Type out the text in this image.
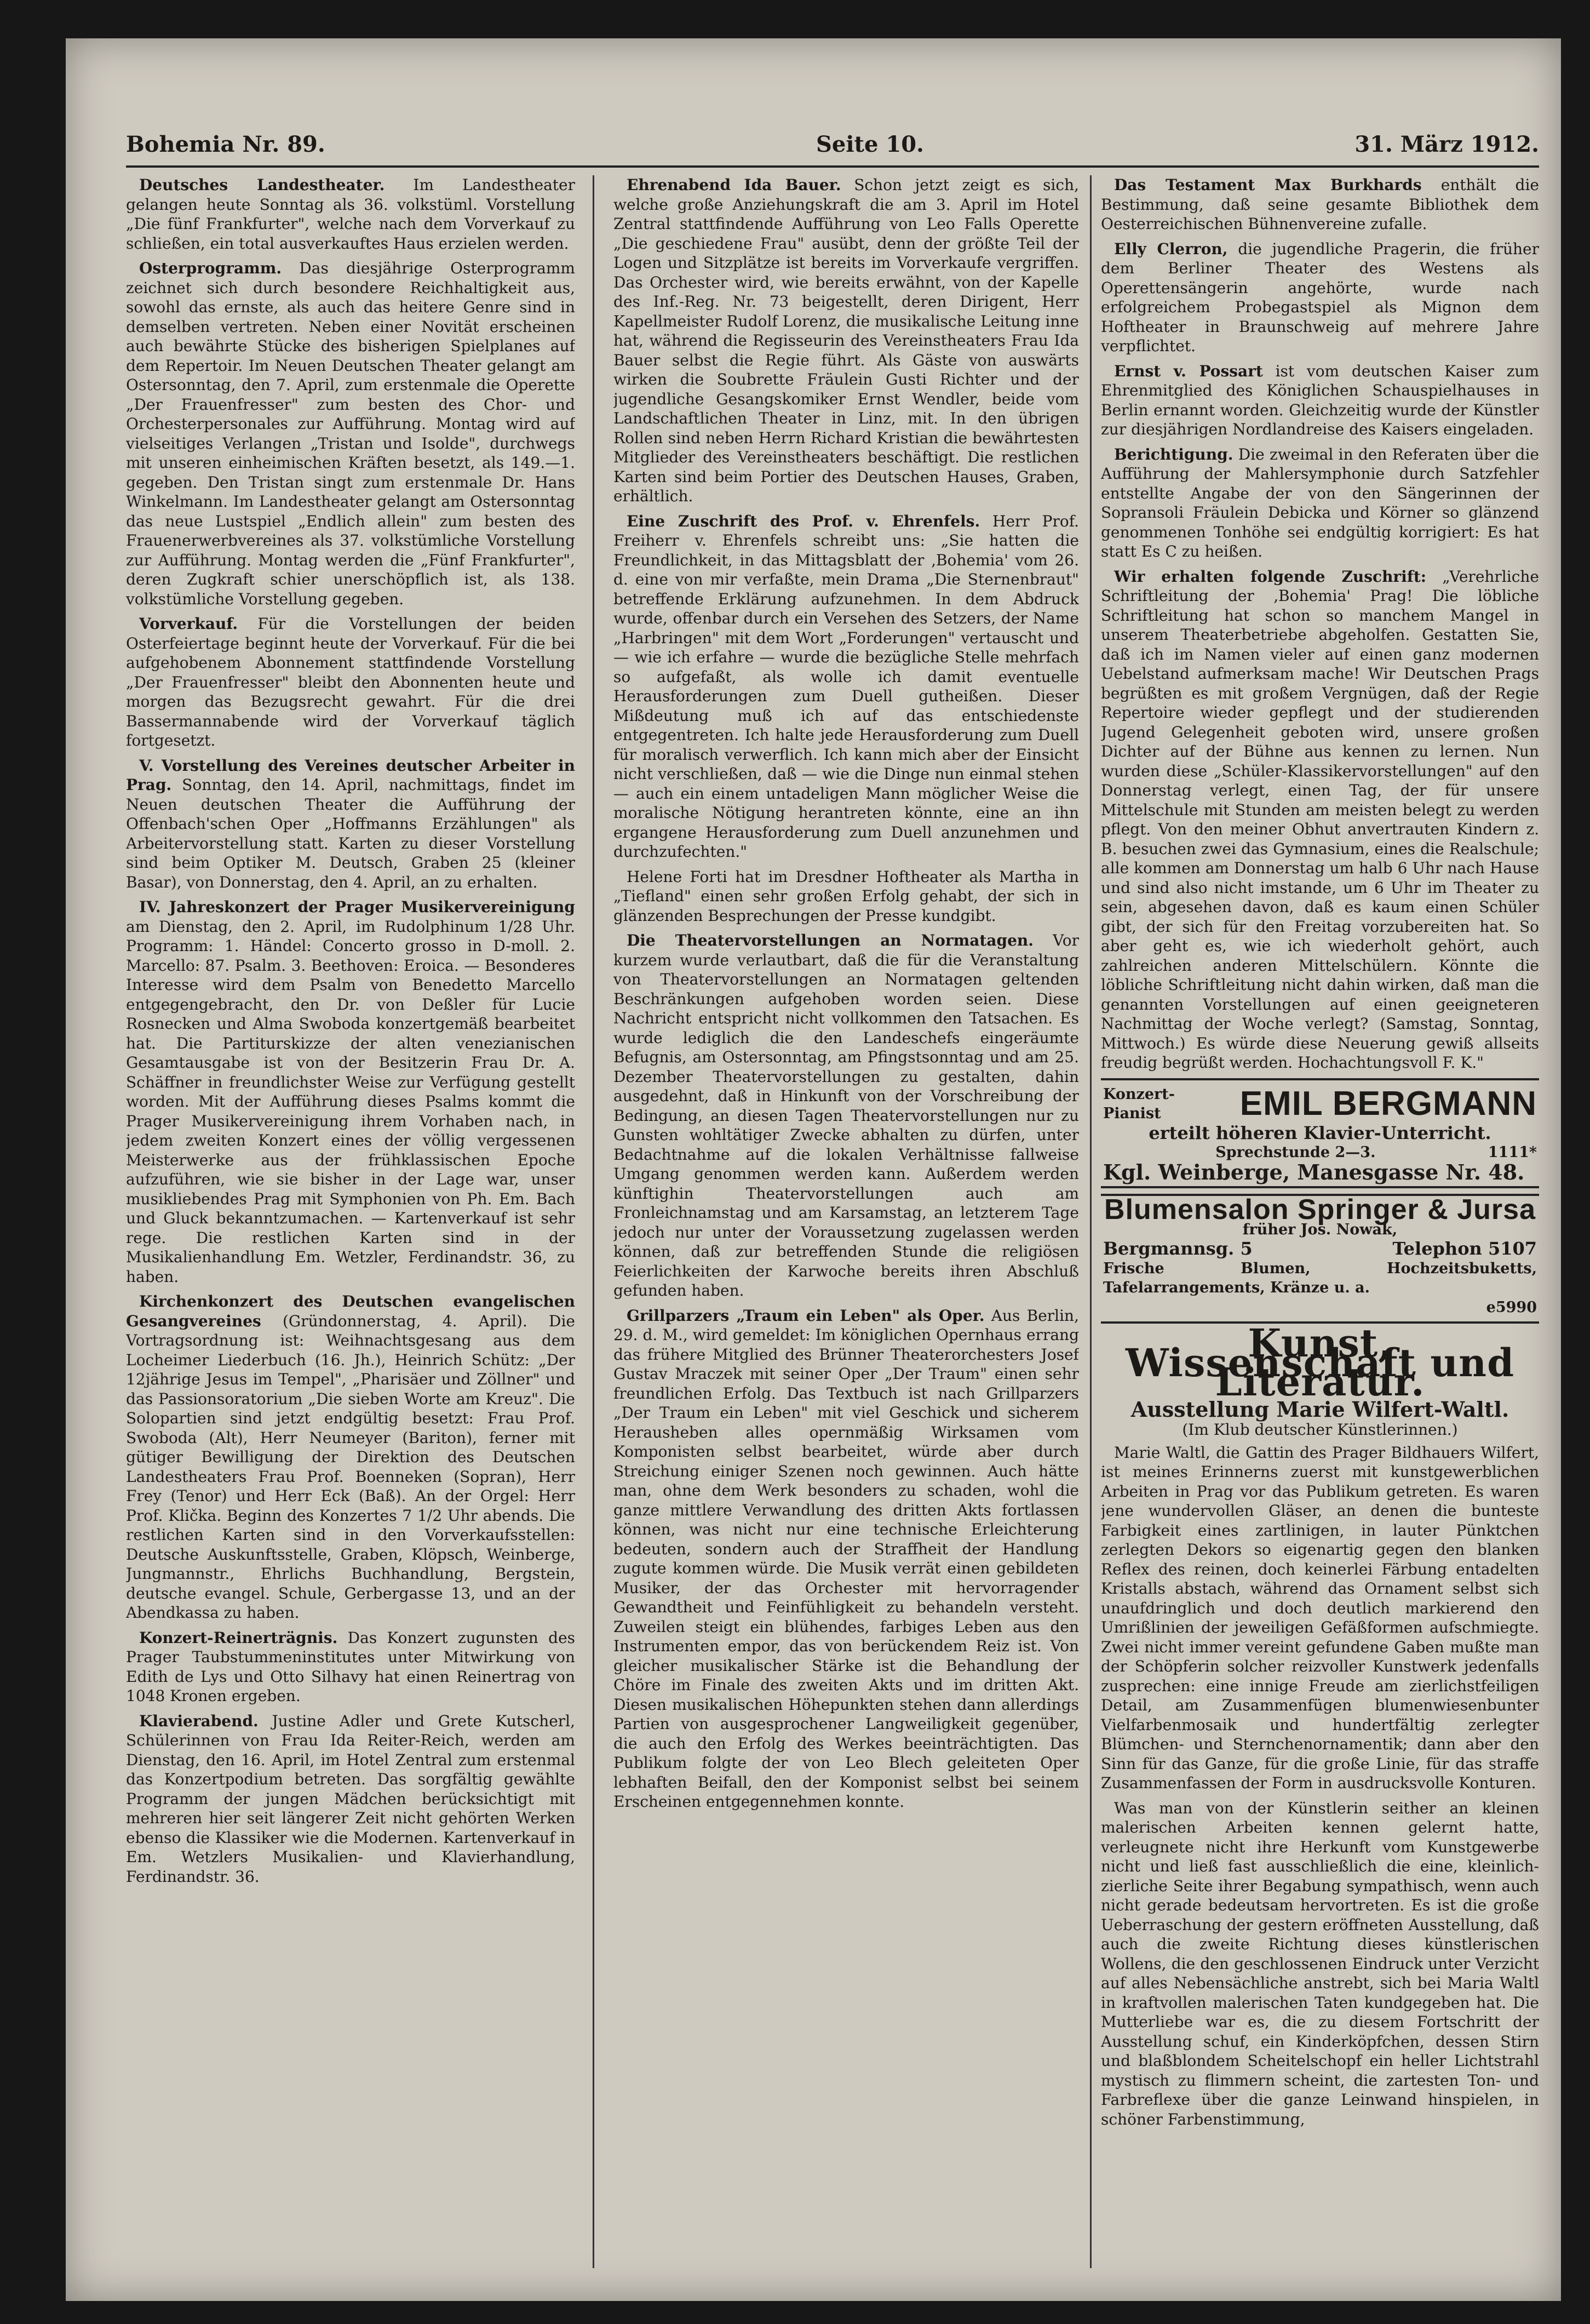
Bohemia Nr. 89.	Seite 10.	31. März 1912.

Deutsches Landestheater. Im Landestheater gelangen heute Sonntag als 36. volkstüml. Vorstellung „Die fünf Frankfurter", welche nach dem Vorverkauf zu schließen, ein total ausverkauftes Haus erzielen werden.

Osterprogramm. Das diesjährige Osterprogramm zeichnet sich durch besondere Reichhaltigkeit aus, sowohl das ernste, als auch das heitere Genre sind in demselben vertreten. Neben einer Novität erscheinen auch bewährte Stücke des bisherigen Spielplanes auf dem Repertoir. Im Neuen Deutschen Theater gelangt am Ostersonntag, den 7. April, zum erstenmale die Operette „Der Frauenfresser" zum besten des Chor- und Orchesterpersonales zur Aufführung. Montag wird auf vielseitiges Verlangen „Tristan und Isolde", durchwegs mit unseren einheimischen Kräften besetzt, als 149.—1. gegeben. Den Tristan singt zum erstenmale Dr. Hans Winkelmann. Im Landestheater gelangt am Ostersonntag das neue Lustspiel „Endlich allein" zum besten des Frauenerwerbvereines als 37. volkstümliche Vorstellung zur Aufführung. Montag werden die „Fünf Frankfurter", deren Zugkraft schier unerschöpflich ist, als 138. volkstümliche Vorstellung gegeben.

Vorverkauf. Für die Vorstellungen der beiden Osterfeiertage beginnt heute der Vorverkauf. Für die bei aufgehobenem Abonnement stattfindende Vorstellung „Der Frauenfresser" bleibt den Abonnenten heute und morgen das Bezugsrecht gewahrt. Für die drei Bassermannabende wird der Vorverkauf täglich fortgesetzt.

V. Vorstellung des Vereines deutscher Arbeiter in Prag. Sonntag, den 14. April, nachmittags, findet im Neuen deutschen Theater die Aufführung der Offenbach'schen Oper „Hoffmanns Erzählungen" als Arbeitervorstellung statt. Karten zu dieser Vorstellung sind beim Optiker M. Deutsch, Graben 25 (kleiner Basar), von Donnerstag, den 4. April, an zu erhalten.

IV. Jahreskonzert der Prager Musikervereinigung am Dienstag, den 2. April, im Rudolphinum 1/28 Uhr. Programm: 1. Händel: Concerto grosso in D-moll. 2. Marcello: 87. Psalm. 3. Beethoven: Eroica. — Besonderes Interesse wird dem Psalm von Benedetto Marcello entgegengebracht, den Dr. von Deßler für Lucie Rosnecken und Alma Swoboda konzertgemäß bearbeitet hat. Die Partiturskizze der alten venezianischen Gesamtausgabe ist von der Besitzerin Frau Dr. A. Schäffner in freundlichster Weise zur Verfügung gestellt worden. Mit der Aufführung dieses Psalms kommt die Prager Musikervereinigung ihrem Vorhaben nach, in jedem zweiten Konzert eines der völlig vergessenen Meisterwerke aus der frühklassischen Epoche aufzuführen, wie sie bisher in der Lage war, unser musikliebendes Prag mit Symphonien von Ph. Em. Bach und Gluck bekanntzumachen. — Kartenverkauf ist sehr rege. Die restlichen Karten sind in der Musikalienhandlung Em. Wetzler, Ferdinandstr. 36, zu haben.

Kirchenkonzert des Deutschen evangelischen Gesangvereines (Gründonnerstag, 4. April). Die Vortragsordnung ist: Weihnachtsgesang aus dem Locheimer Liederbuch (16. Jh.), Heinrich Schütz: „Der 12jährige Jesus im Tempel", „Pharisäer und Zöllner" und das Passionsoratorium „Die sieben Worte am Kreuz". Die Solopartien sind jetzt endgültig besetzt: Frau Prof. Swoboda (Alt), Herr Neumeyer (Bariton), ferner mit gütiger Bewilligung der Direktion des Deutschen Landestheaters Frau Prof. Boenneken (Sopran), Herr Frey (Tenor) und Herr Eck (Baß). An der Orgel: Herr Prof. Klička. Beginn des Konzertes 7 1/2 Uhr abends. Die restlichen Karten sind in den Vorverkaufsstellen: Deutsche Auskunftsstelle, Graben, Klöpsch, Weinberge, Jungmannstr., Ehrlichs Buchhandlung, Bergstein, deutsche evangel. Schule, Gerbergasse 13, und an der Abendkassa zu haben.

Konzert-Reinerträgnis. Das Konzert zugunsten des Prager Taubstummeninstitutes unter Mitwirkung von Edith de Lys und Otto Silhavy hat einen Reinertrag von 1048 Kronen ergeben.

Klavierabend. Justine Adler und Grete Kutscherl, Schülerinnen von Frau Ida Reiter-Reich, werden am Dienstag, den 16. April, im Hotel Zentral zum erstenmal das Konzertpodium betreten. Das sorgfältig gewählte Programm der jungen Mädchen berücksichtigt mit mehreren hier seit längerer Zeit nicht gehörten Werken ebenso die Klassiker wie die Modernen. Kartenverkauf in Em. Wetzlers Musikalien- und Klavierhandlung, Ferdinandstr. 36.

Ehrenabend Ida Bauer. Schon jetzt zeigt es sich, welche große Anziehungskraft die am 3. April im Hotel Zentral stattfindende Aufführung von Leo Falls Operette „Die geschiedene Frau" ausübt, denn der größte Teil der Logen und Sitzplätze ist bereits im Vorverkaufe vergriffen. Das Orchester wird, wie bereits erwähnt, von der Kapelle des Inf.-Reg. Nr. 73 beigestellt, deren Dirigent, Herr Kapellmeister Rudolf Lorenz, die musikalische Leitung inne hat, während die Regisseurin des Vereinstheaters Frau Ida Bauer selbst die Regie führt. Als Gäste von auswärts wirken die Soubrette Fräulein Gusti Richter und der jugendliche Gesangskomiker Ernst Wendler, beide vom Landschaftlichen Theater in Linz, mit. In den übrigen Rollen sind neben Herrn Richard Kristian die bewährtesten Mitglieder des Vereinstheaters beschäftigt. Die restlichen Karten sind beim Portier des Deutschen Hauses, Graben, erhältlich.

Eine Zuschrift des Prof. v. Ehrenfels. Herr Prof. Freiherr v. Ehrenfels schreibt uns: „Sie hatten die Freundlichkeit, in das Mittagsblatt der ‚Bohemia' vom 26. d. eine von mir verfaßte, mein Drama „Die Sternenbraut" betreffende Erklärung aufzunehmen. In dem Abdruck wurde, offenbar durch ein Versehen des Setzers, der Name „Harbringen" mit dem Wort „Forderungen" vertauscht und — wie ich erfahre — wurde die bezügliche Stelle mehrfach so aufgefaßt, als wolle ich damit eventuelle Herausforderungen zum Duell gutheißen. Dieser Mißdeutung muß ich auf das entschiedenste entgegentreten. Ich halte jede Herausforderung zum Duell für moralisch verwerflich. Ich kann mich aber der Einsicht nicht verschließen, daß — wie die Dinge nun einmal stehen — auch ein einem untadeligen Mann möglicher Weise die moralische Nötigung herantreten könnte, eine an ihn ergangene Herausforderung zum Duell anzunehmen und durchzufechten."

Helene Forti hat im Dresdner Hoftheater als Martha in „Tiefland" einen sehr großen Erfolg gehabt, der sich in glänzenden Besprechungen der Presse kundgibt.

Die Theatervorstellungen an Normatagen. Vor kurzem wurde verlautbart, daß die für die Veranstaltung von Theatervorstellungen an Normatagen geltenden Beschränkungen aufgehoben worden seien. Diese Nachricht entspricht nicht vollkommen den Tatsachen. Es wurde lediglich die den Landeschefs eingeräumte Befugnis, am Ostersonntag, am Pfingstsonntag und am 25. Dezember Theatervorstellungen zu gestalten, dahin ausgedehnt, daß in Hinkunft von der Vorschreibung der Bedingung, an diesen Tagen Theatervorstellungen nur zu Gunsten wohltätiger Zwecke abhalten zu dürfen, unter Bedachtnahme auf die lokalen Verhältnisse fallweise Umgang genommen werden kann. Außerdem werden künftighin Theatervorstellungen auch am Fronleichnamstag und am Karsamstag, an letzterem Tage jedoch nur unter der Voraussetzung zugelassen werden können, daß zur betreffenden Stunde die religiösen Feierlichkeiten der Karwoche bereits ihren Abschluß gefunden haben.

Grillparzers „Traum ein Leben" als Oper. Aus Berlin, 29. d. M., wird gemeldet: Im königlichen Opernhaus errang das frühere Mitglied des Brünner Theaterorchesters Josef Gustav Mraczek mit seiner Oper „Der Traum" einen sehr freundlichen Erfolg. Das Textbuch ist nach Grillparzers „Der Traum ein Leben" mit viel Geschick und sicherem Herausheben alles opernmäßig Wirksamen vom Komponisten selbst bearbeitet, würde aber durch Streichung einiger Szenen noch gewinnen. Auch hätte man, ohne dem Werk besonders zu schaden, wohl die ganze mittlere Verwandlung des dritten Akts fortlassen können, was nicht nur eine technische Erleichterung bedeuten, sondern auch der Straffheit der Handlung zugute kommen würde. Die Musik verrät einen gebildeten Musiker, der das Orchester mit hervorragender Gewandtheit und Feinfühligkeit zu behandeln versteht. Zuweilen steigt ein blühendes, farbiges Leben aus den Instrumenten empor, das von berückendem Reiz ist. Von gleicher musikalischer Stärke ist die Behandlung der Chöre im Finale des zweiten Akts und im dritten Akt. Diesen musikalischen Höhepunkten stehen dann allerdings Partien von ausgesprochener Langweiligkeit gegenüber, die auch den Erfolg des Werkes beeinträchtigten. Das Publikum folgte der von Leo Blech geleiteten Oper lebhaften Beifall, den der Komponist selbst bei seinem Erscheinen entgegennehmen konnte.

Das Testament Max Burkhards enthält die Bestimmung, daß seine gesamte Bibliothek dem Oesterreichischen Bühnenvereine zufalle.

Elly Clerron, die jugendliche Pragerin, die früher dem Berliner Theater des Westens als Operettensängerin angehörte, wurde nach erfolgreichem Probegastspiel als Mignon dem Hoftheater in Braunschweig auf mehrere Jahre verpflichtet.

Ernst v. Possart ist vom deutschen Kaiser zum Ehrenmitglied des Königlichen Schauspielhauses in Berlin ernannt worden. Gleichzeitig wurde der Künstler zur diesjährigen Nordlandreise des Kaisers eingeladen.

Berichtigung. Die zweimal in den Referaten über die Aufführung der Mahlersymphonie durch Satzfehler entstellte Angabe der von den Sängerinnen der Sopransoli Fräulein Debicka und Körner so glänzend genommenen Tonhöhe sei endgültig korrigiert: Es hat statt Es C zu heißen.

Wir erhalten folgende Zuschrift: „Verehrliche Schriftleitung der ‚Bohemia' Prag! Die löbliche Schriftleitung hat schon so manchem Mangel in unserem Theaterbetriebe abgeholfen. Gestatten Sie, daß ich im Namen vieler auf einen ganz modernen Uebelstand aufmerksam mache! Wir Deutschen Prags begrüßten es mit großem Vergnügen, daß der Regie Repertoire wieder gepflegt und der studierenden Jugend Gelegenheit geboten wird, unsere großen Dichter auf der Bühne aus kennen zu lernen. Nun wurden diese „Schüler-Klassikervorstellungen" auf den Donnerstag verlegt, einen Tag, der für unsere Mittelschule mit Stunden am meisten belegt zu werden pflegt. Von den meiner Obhut anvertrauten Kindern z. B. besuchen zwei das Gymnasium, eines die Realschule; alle kommen am Donnerstag um halb 6 Uhr nach Hause und sind also nicht imstande, um 6 Uhr im Theater zu sein, abgesehen davon, daß es kaum einen Schüler gibt, der sich für den Freitag vorzubereiten hat. So aber geht es, wie ich wiederholt gehört, auch zahlreichen anderen Mittelschülern. Könnte die löbliche Schriftleitung nicht dahin wirken, daß man die genannten Vorstellungen auf einen geeigneteren Nachmittag der Woche verlegt? (Samstag, Sonntag, Mittwoch.) Es würde diese Neuerung gewiß allseits freudig begrüßt werden. Hochachtungsvoll F. K."

Konzert-
Pianist	EMIL BERGMANN
erteilt höheren Klavier-Unterricht.
Sprechstunde 2—3.	1111*
Kgl. Weinberge, Manesgasse Nr. 48.
Blumensalon Springer & Jursa
früher Jos. Nowak,
Bergmannsg. 5	Telephon 5107
Frische Blumen, Hochzeitsbuketts, Tafelarrangements, Kränze u. a.
e5990
Kunst, Wissenschaft und Literatur.
Ausstellung Marie Wilfert-Waltl.
(Im Klub deutscher Künstlerinnen.)

Marie Waltl, die Gattin des Prager Bildhauers Wilfert, ist meines Erinnerns zuerst mit kunstgewerblichen Arbeiten in Prag vor das Publikum getreten. Es waren jene wundervollen Gläser, an denen die bunteste Farbigkeit eines zartlinigen, in lauter Pünktchen zerlegten Dekors so eigenartig gegen den blanken Reflex des reinen, doch keinerlei Färbung entadelten Kristalls abstach, während das Ornament selbst sich unaufdringlich und doch deutlich markierend den Umrißlinien der jeweiligen Gefäßformen aufschmiegte. Zwei nicht immer vereint gefundene Gaben mußte man der Schöpferin solcher reizvoller Kunstwerk jedenfalls zusprechen: eine innige Freude am zierlichstfeiligen Detail, am Zusammenfügen blumenwiesenbunter Vielfarbenmosaik und hundertfältig zerlegter Blümchen- und Sternchenornamentik; dann aber den Sinn für das Ganze, für die große Linie, für das straffe Zusammenfassen der Form in ausdrucksvolle Konturen.

Was man von der Künstlerin seither an kleinen malerischen Arbeiten kennen gelernt hatte, verleugnete nicht ihre Herkunft vom Kunstgewerbe nicht und ließ fast ausschließlich die eine, kleinlich-zierliche Seite ihrer Begabung sympathisch, wenn auch nicht gerade bedeutsam hervortreten. Es ist die große Ueberraschung der gestern eröffneten Ausstellung, daß auch die zweite Richtung dieses künstlerischen Wollens, die den geschlossenen Eindruck unter Verzicht auf alles Nebensächliche anstrebt, sich bei Maria Waltl in kraftvollen malerischen Taten kundgegeben hat. Die Mutterliebe war es, die zu diesem Fortschritt der Ausstellung schuf, ein Kinderköpfchen, dessen Stirn und blaßblondem Scheitelschopf ein heller Lichtstrahl mystisch zu flimmern scheint, die zartesten Ton- und Farbreflexe über die ganze Leinwand hinspielen, in schöner Farbenstimmung,
